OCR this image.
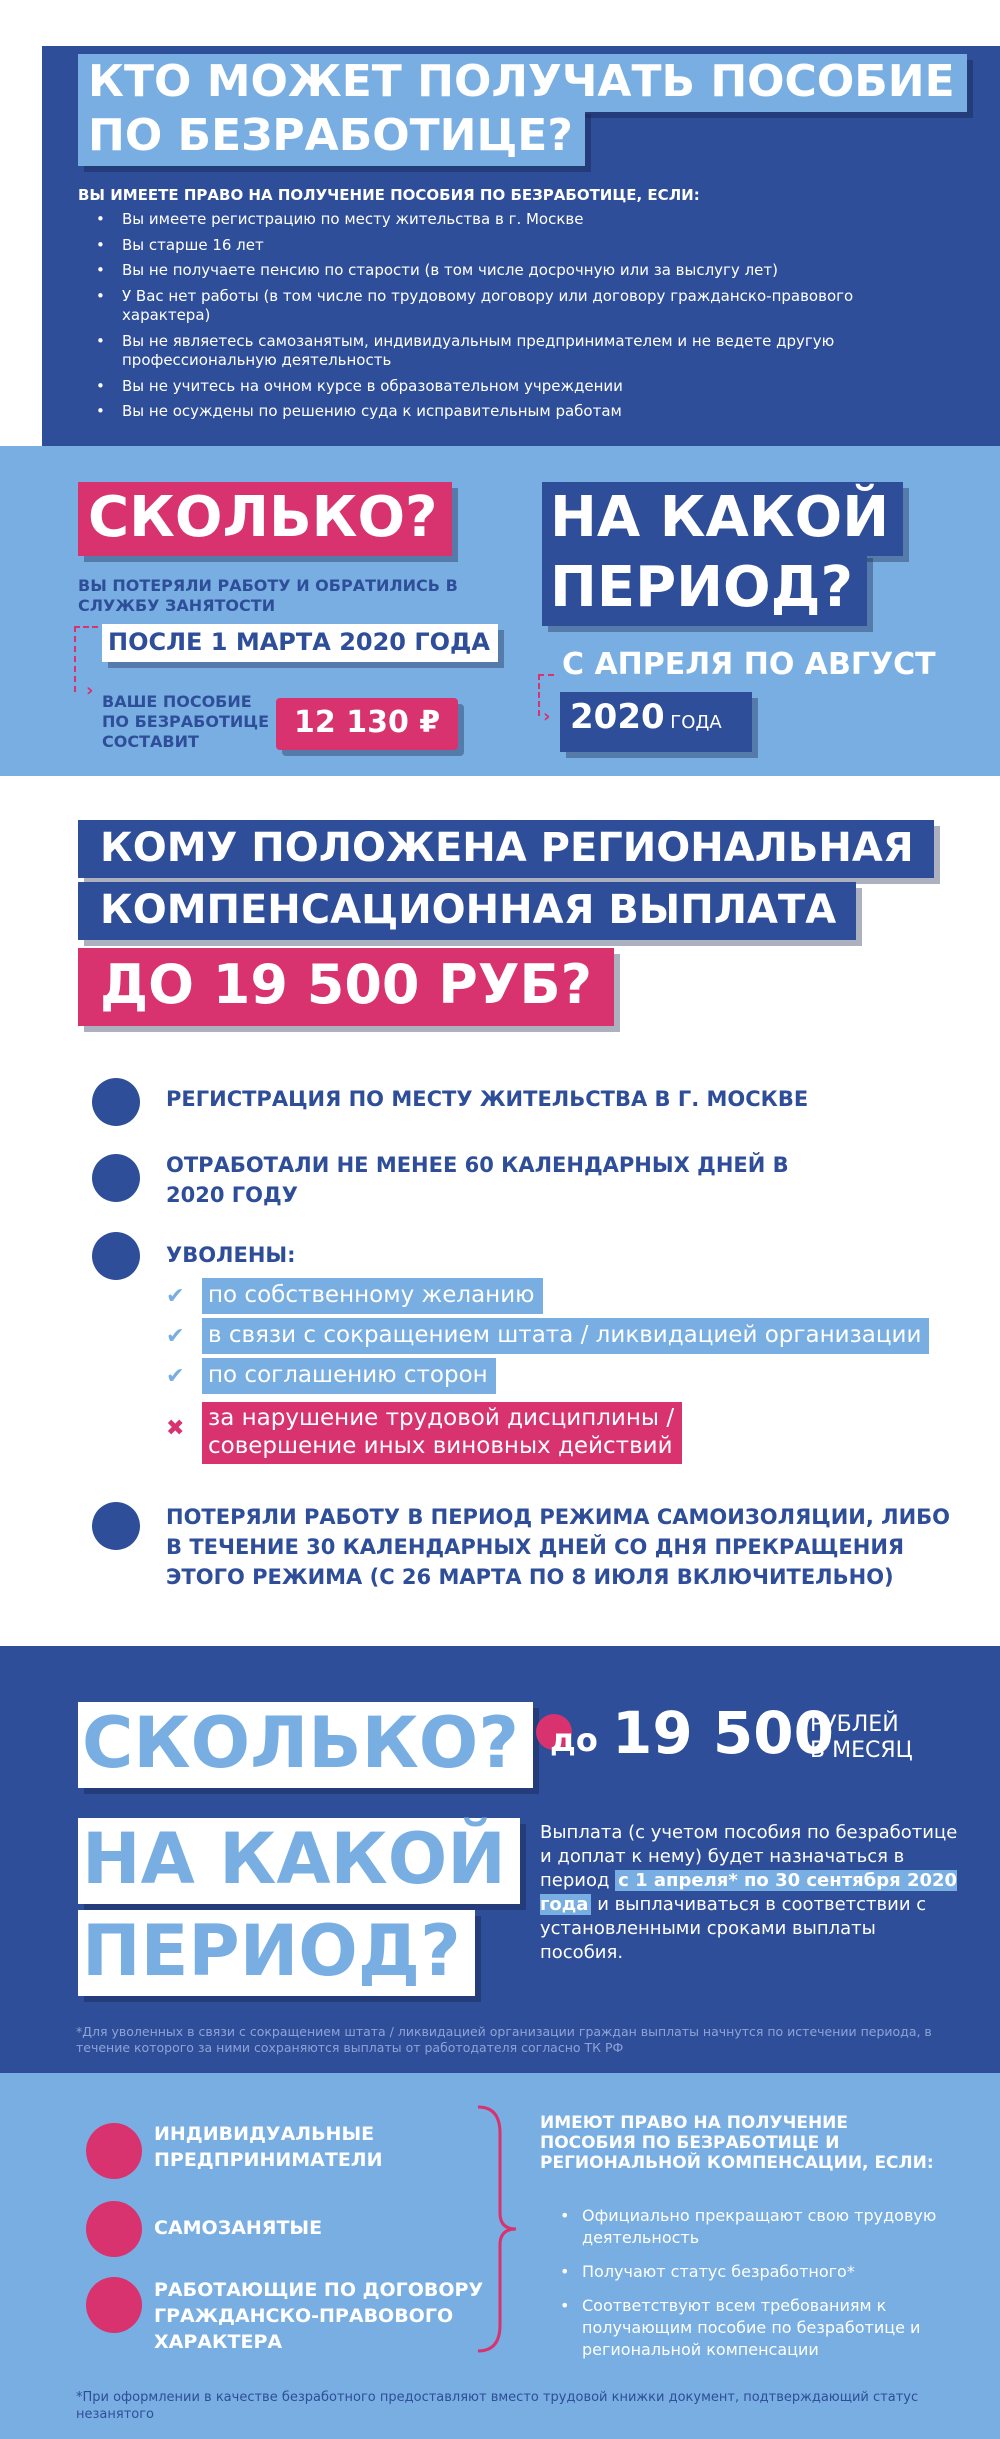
КТО МОЖЕТ ПОЛУЧАТЬ ПОСОБИЕ
ПО БЕЗРАБОТИЦЕ?
ВЫ ИМЕЕТЕ ПРАВО НА ПОЛУЧЕНИЕ ПОСОБИЯ ПО БЕЗРАБОТИЦЕ, ЕСЛИ:
• Вы имеете регистрацию по месту жительства в г. Москве
• Вы старше 16 лет
• Вы не получаете пенсию по старости (в том числе досрочную или за выслугу лет)
• У Вас нет работы (в том числе по трудовому договору или договору гражданско-правового характера)
• Вы не являетесь самозанятым, индивидуальным предпринимателем и не ведете другую профессиональную деятельность
• Вы не учитесь на очном курсе в образовательном учреждении
• Вы не осуждены по решению суда к исправительным работам
СКОЛЬКО?
ВЫ ПОТЕРЯЛИ РАБОТУ И ОБРАТИЛИСЬ В СЛУЖБУ ЗАНЯТОСТИ
›
ПОСЛЕ 1 МАРТА 2020 ГОДА
ВАШЕ ПОСОБИЕ ПО БЕЗРАБОТИЦЕ СОСТАВИТ
12 130 ₽
НА КАКОЙ
ПЕРИОД?
›
С АПРЕЛЯ ПО АВГУСТ
2020 ГОДА
КОМУ ПОЛОЖЕНА РЕГИОНАЛЬНАЯ
КОМПЕНСАЦИОННАЯ ВЫПЛАТА
ДО 19 500 РУБ?
РЕГИСТРАЦИЯ ПО МЕСТУ ЖИТЕЛЬСТВА В Г. МОСКВЕ
ОТРАБОТАЛИ НЕ МЕНЕЕ 60 КАЛЕНДАРНЫХ ДНЕЙ В 2020 ГОДУ
УВОЛЕНЫ:
✔ по собственному желанию
✔ в связи с сокращением штата / ликвидацией организации
✔ по соглашению сторон
✖ за нарушение трудовой дисциплины /
совершение иных виновных действий
ПОТЕРЯЛИ РАБОТУ В ПЕРИОД РЕЖИМА САМОИЗОЛЯЦИИ, ЛИБО В ТЕЧЕНИЕ 30 КАЛЕНДАРНЫХ ДНЕЙ СО ДНЯ ПРЕКРАЩЕНИЯ ЭТОГО РЕЖИМА (С 26 МАРТА ПО 8 ИЮЛЯ ВКЛЮЧИТЕЛЬНО)
СКОЛЬКО? до 19 500
РУБЛЕЙ
В МЕСЯЦ
НА КАКОЙ
ПЕРИОД?
Выплата (с учетом пособия по безработице и доплат к нему) будет назначаться в период с 1 апреля* по 30 сентября 2020 года и выплачиваться в соответствии с установленными сроками выплаты пособия.
*Для уволенных в связи с сокращением штата / ликвидацией организации граждан выплаты начнутся по истечении периода, в течение которого за ними сохраняются выплаты от работодателя согласно ТК РФ
ИНДИВИДУАЛЬНЫЕ ПРЕДПРИНИМАТЕЛИ
САМОЗАНЯТЫЕ
РАБОТАЮЩИЕ ПО ДОГОВОРУ ГРАЖДАНСКО-ПРАВОВОГО ХАРАКТЕРА
ИМЕЮТ ПРАВО НА ПОЛУЧЕНИЕ ПОСОБИЯ ПО БЕЗРАБОТИЦЕ И РЕГИОНАЛЬНОЙ КОМПЕНСАЦИИ, ЕСЛИ:
• Официально прекращают свою трудовую деятельность
• Получают статус безработного*
• Соответствуют всем требованиям к получающим пособие по безработице и региональной компенсации
*При оформлении в качестве безработного предоставляют вместо трудовой книжки документ, подтверждающий статус незанятого
